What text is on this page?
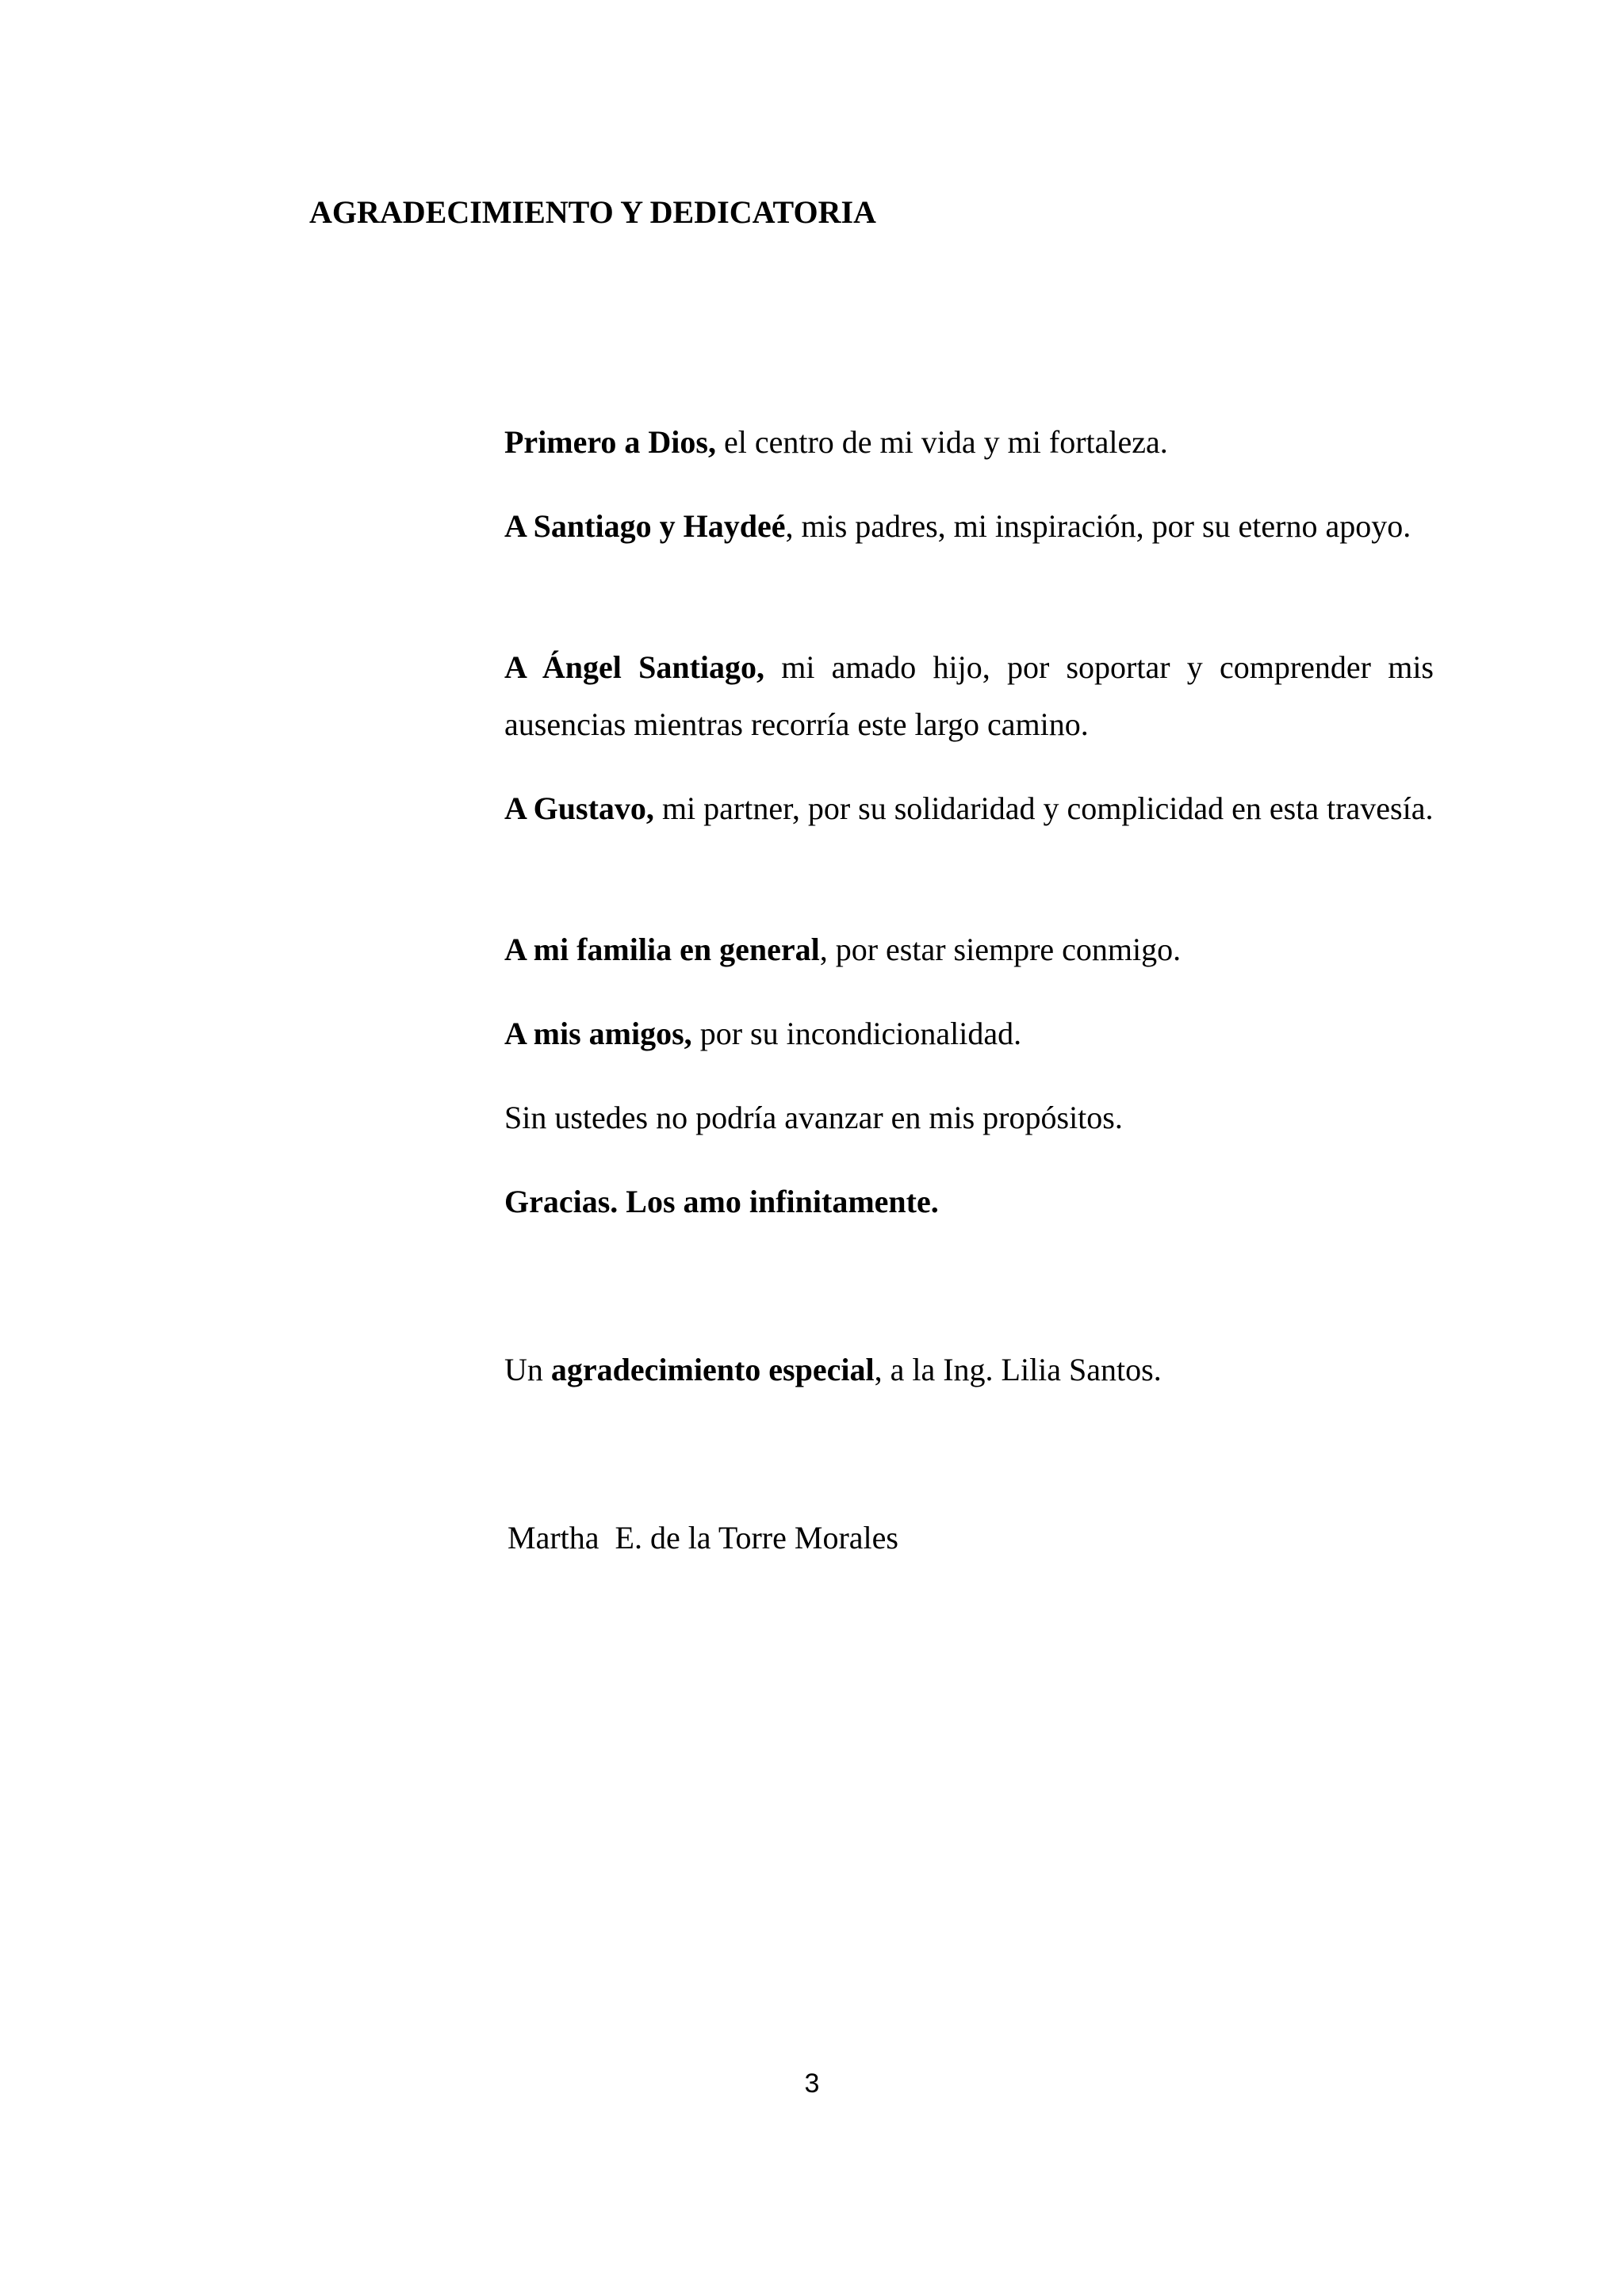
AGRADECIMIENTO Y DEDICATORIA

Primero a Dios, el centro de mi vida y mi fortaleza.

A Santiago y Haydeé, mis padres, mi inspiración, por su eterno apoyo.

A Ángel Santiago, mi amado hijo, por soportar y comprender mis ausencias mientras recorría este largo camino.

A Gustavo, mi partner, por su solidaridad y complicidad en esta travesía.

A mi familia en general, por estar siempre conmigo.

A mis amigos, por su incondicionalidad.

Sin ustedes no podría avanzar en mis propósitos.

Gracias. Los amo infinitamente.

Un agradecimiento especial, a la Ing. Lilia Santos.

Martha  E. de la Torre Morales

3
